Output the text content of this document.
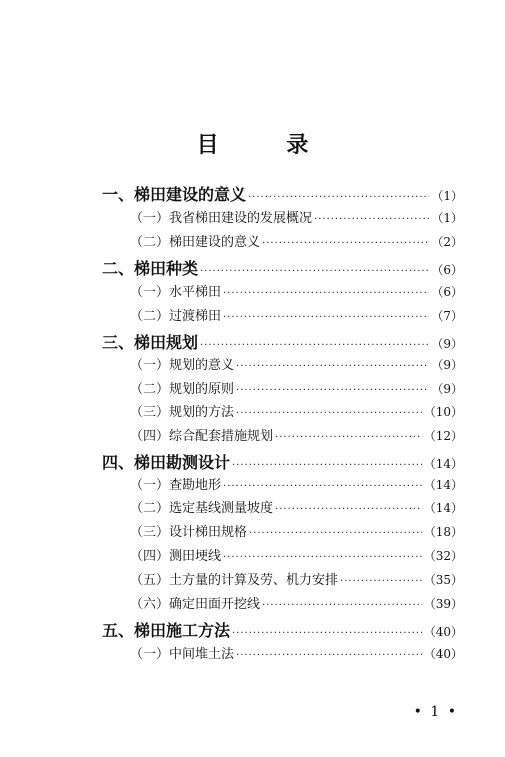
目 录
一、梯田建设的意义 ·····	（1）
（一）我省梯田建设的发展概况 ·····	（1）
（二）梯田建设的意义 ·····	（2）
二、梯田种类 ·····	（6）
（一）水平梯田 ·····	（6）
（二）过渡梯田 ·····	（7）
三、梯田规划 ·····	（9）
（一）规划的意义 ·····	（9）
（二）规划的原则 ·····	（9）
（三）规划的方法 ·····	（10）
（四）综合配套措施规划 ·····	（12）
四、梯田勘测设计 ·····	（14）
（一）查勘地形 ·····	（14）
（二）选定基线测量坡度 ·····	（14）
（三）设计梯田规格 ·····	（18）
（四）测田埂线 ·····	（32）
（五）土方量的计算及劳、机力安排 ·····	（35）
（六）确定田面开挖线 ·····	（39）
五、梯田施工方法 ·····	（40）
（一）中间堆土法 ·····	（40）
• 1 •
